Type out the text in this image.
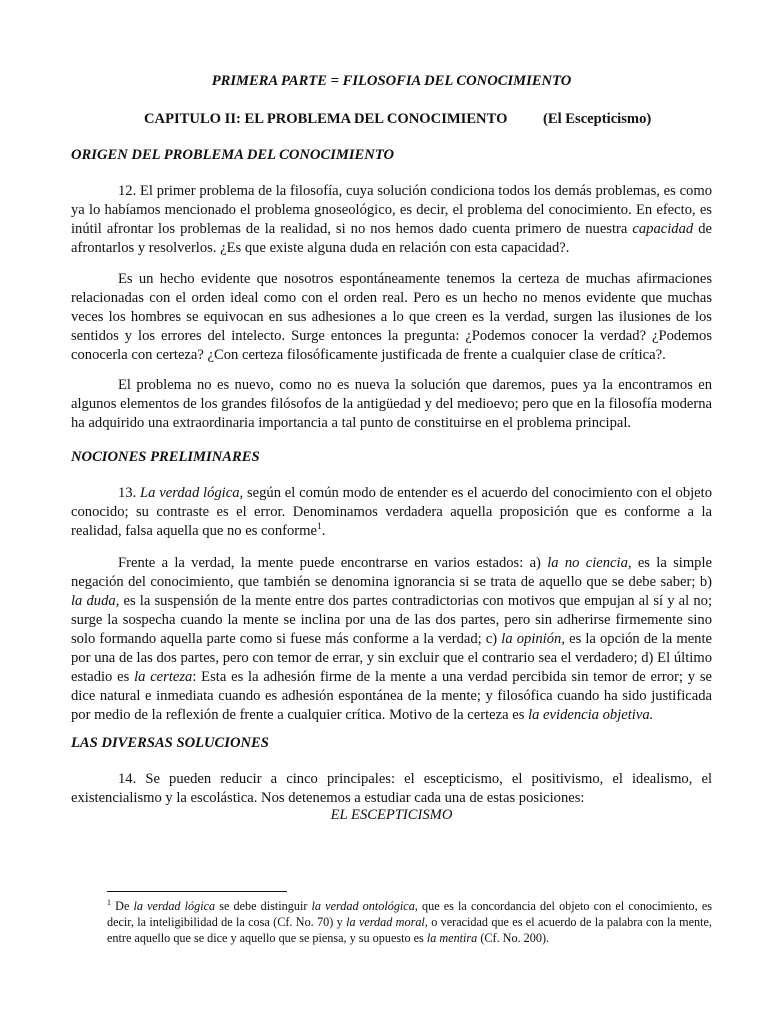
PRIMERA PARTE = FILOSOFIA DEL CONOCIMIENTO

CAPITULO II: EL PROBLEMA DEL CONOCIMIENTO (El Escepticismo)

ORIGEN DEL PROBLEMA DEL CONOCIMIENTO

12. El primer problema de la filosofía, cuya solución condiciona todos los demás problemas, es como ya lo habíamos mencionado el problema gnoseológico, es decir, el problema del conocimiento. En efecto, es inútil afrontar los problemas de la realidad, si no nos hemos dado cuenta primero de nuestra capacidad de afrontarlos y resolverlos. ¿Es que existe alguna duda en relación con esta capacidad?.

Es un hecho evidente que nosotros espontáneamente tenemos la certeza de muchas afirmaciones relacionadas con el orden ideal como con el orden real. Pero es un hecho no menos evidente que muchas veces los hombres se equivocan en sus adhesiones a lo que creen es la verdad, surgen las ilusiones de los sentidos y los errores del intelecto. Surge entonces la pregunta: ¿Podemos conocer la verdad? ¿Podemos conocerla con certeza? ¿Con certeza filosóficamente justificada de frente a cualquier clase de crítica?.

El problema no es nuevo, como no es nueva la solución que daremos, pues ya la encontramos en algunos elementos de los grandes filósofos de la antigüedad y del medioevo; pero que en la filosofía moderna ha adquirido una extraordinaria importancia a tal punto de constituirse en el problema principal.

NOCIONES PRELIMINARES

13. La verdad lógica, según el común modo de entender es el acuerdo del conocimiento con el objeto conocido; su contraste es el error. Denominamos verdadera aquella proposición que es conforme a la realidad, falsa aquella que no es conforme$^1$.

Frente a la verdad, la mente puede encontrarse en varios estados: a) la no ciencia, es la simple negación del conocimiento, que también se denomina ignorancia si se trata de aquello que se debe saber; b) la duda, es la suspensión de la mente entre dos partes contradictorias con motivos que empujan al sí y al no; surge la sospecha cuando la mente se inclina por una de las dos partes, pero sin adherirse firmemente sino solo formando aquella parte como si fuese más conforme a la verdad; c) la opinión, es la opción de la mente por una de las dos partes, pero con temor de errar, y sin excluir que el contrario sea el verdadero; d) El último estadio es la certeza: Esta es la adhesión firme de la mente a una verdad percibida sin temor de error; y se dice natural e inmediata cuando es adhesión espontánea de la mente; y filosófica cuando ha sido justificada por medio de la reflexión de frente a cualquier crítica. Motivo de la certeza es la evidencia objetiva.

LAS DIVERSAS SOLUCIONES

14. Se pueden reducir a cinco principales: el escepticismo, el positivismo, el idealismo, el existencialismo y la escolástica. Nos detenemos a estudiar cada una de estas posiciones:

EL ESCEPTICISMO

$^1$ De la verdad lógica se debe distinguir la verdad ontológica, que es la concordancia del objeto con el conocimiento, es decir, la inteligibilidad de la cosa (Cf. No. 70) y la verdad moral, o veracidad que es el acuerdo de la palabra con la mente, entre aquello que se dice y aquello que se piensa, y su opuesto es la mentira (Cf. No. 200).
